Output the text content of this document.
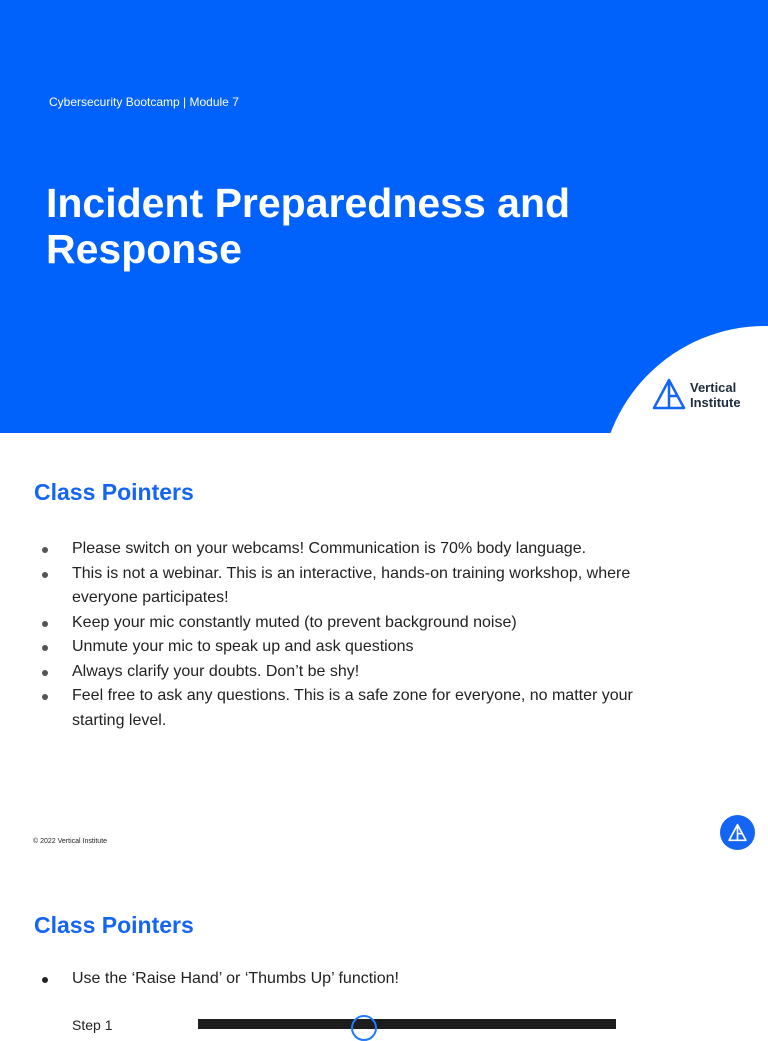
Cybersecurity Bootcamp | Module 7
Incident Preparedness and Response
Vertical
Institute
Class Pointers
Please switch on your webcams! Communication is 70% body language.
This is not a webinar. This is an interactive, hands-on training workshop, where everyone participates!
Keep your mic constantly muted (to prevent background noise)
Unmute your mic to speak up and ask questions
Always clarify your doubts. Don’t be shy!
Feel free to ask any questions. This is a safe zone for everyone, no matter your starting level.
© 2022 Vertical Institute
Class Pointers
Use the ‘Raise Hand’ or ‘Thumbs Up’ function!
Step 1
